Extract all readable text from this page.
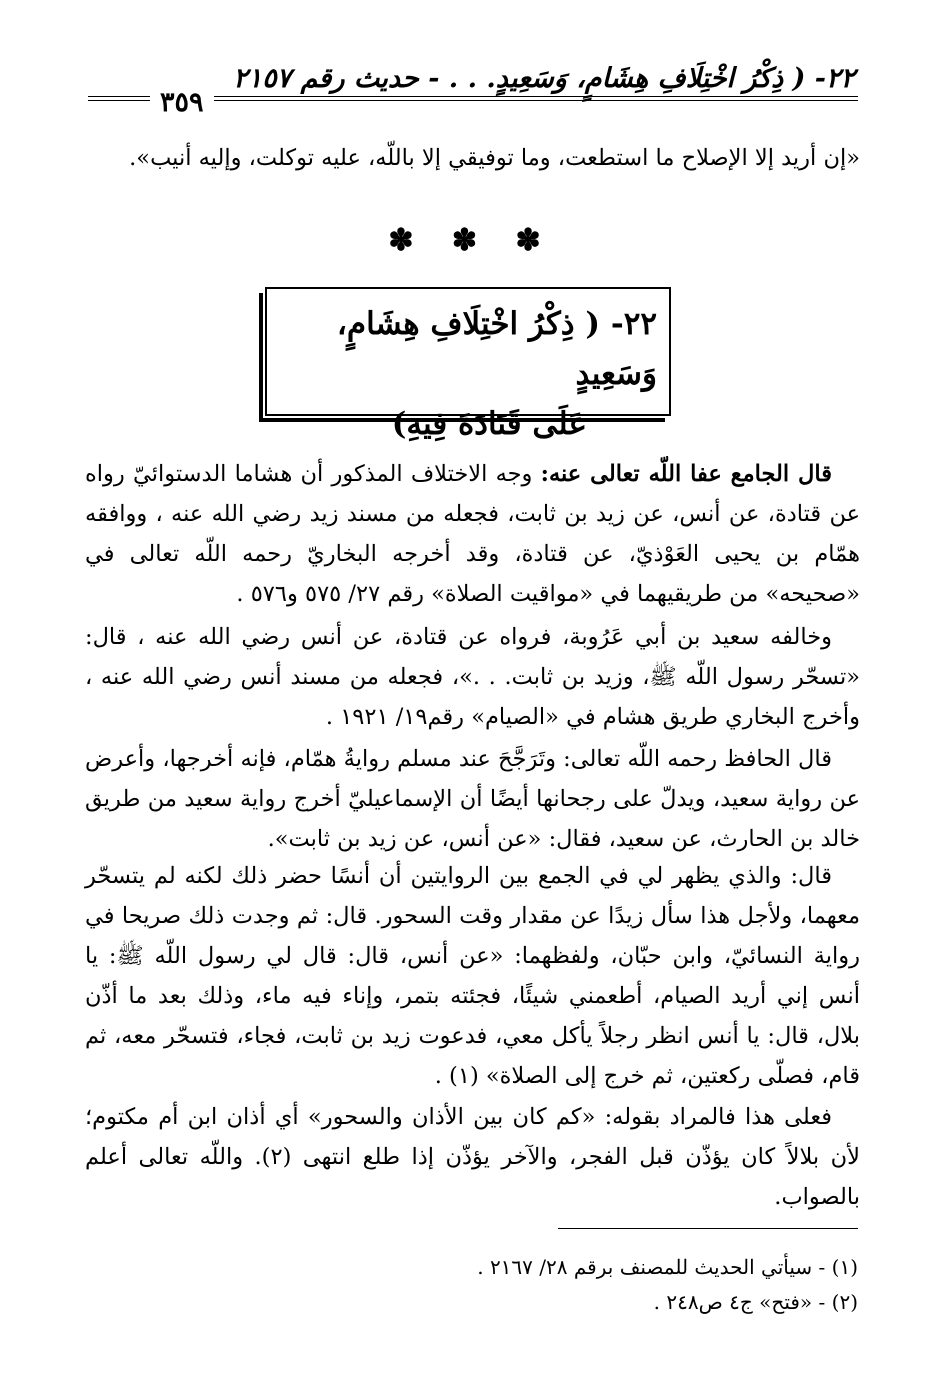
٢٢- ( ذِكْرُ اخْتِلَافِ هِشَامٍ، وَسَعِيدٍ. . . - حديث رقم ٢١٥٧
٣٥٩
«إن أريد إلا الإصلاح ما استطعت، وما توفيقي إلا باللّه، عليه توكلت، وإليه أنيب».
✽ ✽ ✽
٢٢- ( ذِكْرُ اخْتِلَافِ هِشَامٍ، وَسَعِيدٍ

عَلَى قَتَادَةَ فِيهِ)
قال الجامع عفا اللّه تعالى عنه: وجه الاختلاف المذكور أن هشاما الدستوائيّ رواه عن قتادة، عن أنس، عن زيد بن ثابت، فجعله من مسند زيد رضي الله عنه ، ووافقه همّام بن يحيى العَوْذيّ، عن قتادة، وقد أخرجه البخاريّ رحمه اللّه تعالى في «صحيحه» من طريقيهما في «مواقيت الصلاة» رقم ٢٧/ ٥٧٥ و٥٧٦ .
وخالفه سعيد بن أبي عَرُوبة، فرواه عن قتادة، عن أنس رضي الله عنه ، قال: «تسحّر رسول اللّه ﷺ، وزيد بن ثابت. . .»، فجعله من مسند أنس رضي الله عنه ، وأخرج البخاري طريق هشام في «الصيام» رقم١٩/ ١٩٢١ .
قال الحافظ رحمه اللّه تعالى: وتَرَجَّحَ عند مسلم روايةُ همّام، فإنه أخرجها، وأعرض عن رواية سعيد، ويدلّ على رجحانها أيضًا أن الإسماعيليّ أخرج رواية سعيد من طريق خالد بن الحارث، عن سعيد، فقال: «عن أنس، عن زيد بن ثابت».
قال: والذي يظهر لي في الجمع بين الروايتين أن أنسًا حضر ذلك لكنه لم يتسحّر معهما، ولأجل هذا سأل زيدًا عن مقدار وقت السحور. قال: ثم وجدت ذلك صريحا في رواية النسائيّ، وابن حبّان، ولفظهما: «عن أنس، قال: قال لي رسول اللّه ﷺ: يا أنس إني أريد الصيام، أطعمني شيئًا، فجئته بتمر، وإناء فيه ماء، وذلك بعد ما أذّن بلال، قال: يا أنس انظر رجلاً يأكل معي، فدعوت زيد بن ثابت، فجاء، فتسحّر معه، ثم قام، فصلّى ركعتين، ثم خرج إلى الصلاة» (١) .
فعلى هذا فالمراد بقوله: «كم كان بين الأذان والسحور» أي أذان ابن أم مكتوم؛ لأن بلالاً كان يؤذّن قبل الفجر، والآخر يؤذّن إذا طلع انتهى (٢). واللّه تعالى أعلم بالصواب.
(١) - سيأتي الحديث للمصنف برقم ٢٨/ ٢١٦٧ .
(٢) - «فتح» ج٤ ص٢٤٨ .
